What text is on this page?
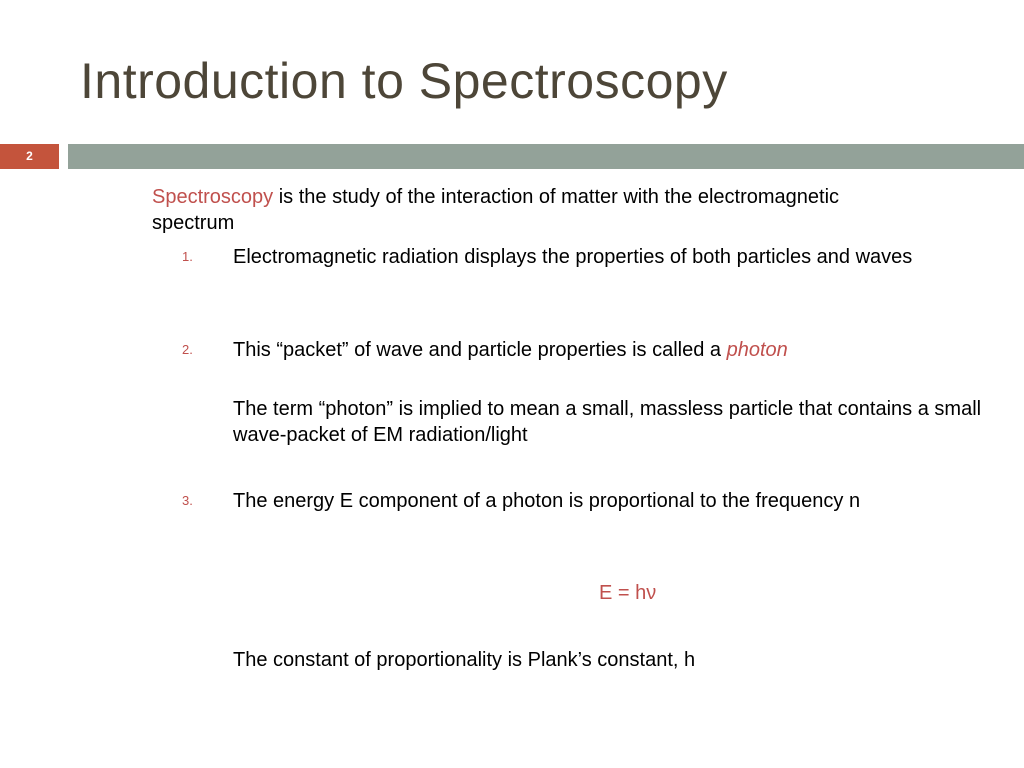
Introduction to Spectroscopy
2
Spectroscopy is the study of the interaction of matter with the electromagnetic spectrum
1. Electromagnetic radiation displays the properties of both particles and waves
2. This “packet” of wave and particle properties is called a photon
The term “photon” is implied to mean a small, massless particle that contains a small wave-packet of EM radiation/light
3. The energy E component of a photon is proportional to the frequency n
E = hν
The constant of proportionality is Plank’s constant, h
